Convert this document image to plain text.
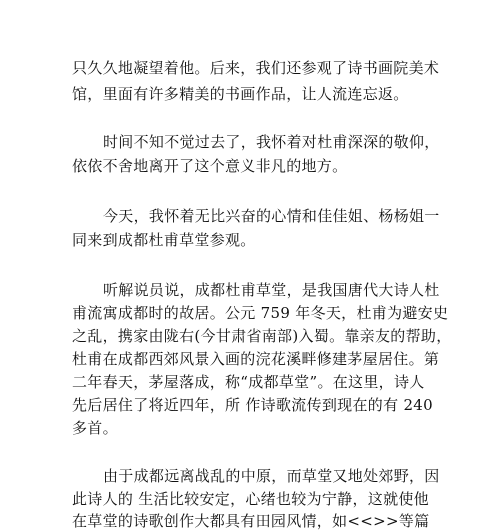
只久久地凝望着他。后来，我们还参观了诗书画院美术
馆，里面有许多精美的书画作品，让人流连忘返。
时间不知不觉过去了，我怀着对杜甫深深的敬仰，
依依不舍地离开了这个意义非凡的地方。
今天，我怀着无比兴奋的心情和佳佳姐、杨杨姐一
同来到成都杜甫草堂参观。
听解说员说，成都杜甫草堂，是我国唐代大诗人杜
甫流寓成都时的故居。公元 759 年冬天，杜甫为避安史
之乱，携家由陇右(今甘肃省南部)入蜀。靠亲友的帮助，
杜甫在成都西郊风景入画的浣花溪畔修建茅屋居住。第
二年春天，茅屋落成，称“成都草堂”。在这里，诗人
先后居住了将近四年，所 作诗歌流传到现在的有 240
多首。
由于成都远离战乱的中原，而草堂又地处郊野，因
此诗人的 生活比较安定，心绪也较为宁静，这就使他
在草堂的诗歌创作大都具有田园风情，如<<>>等篇
